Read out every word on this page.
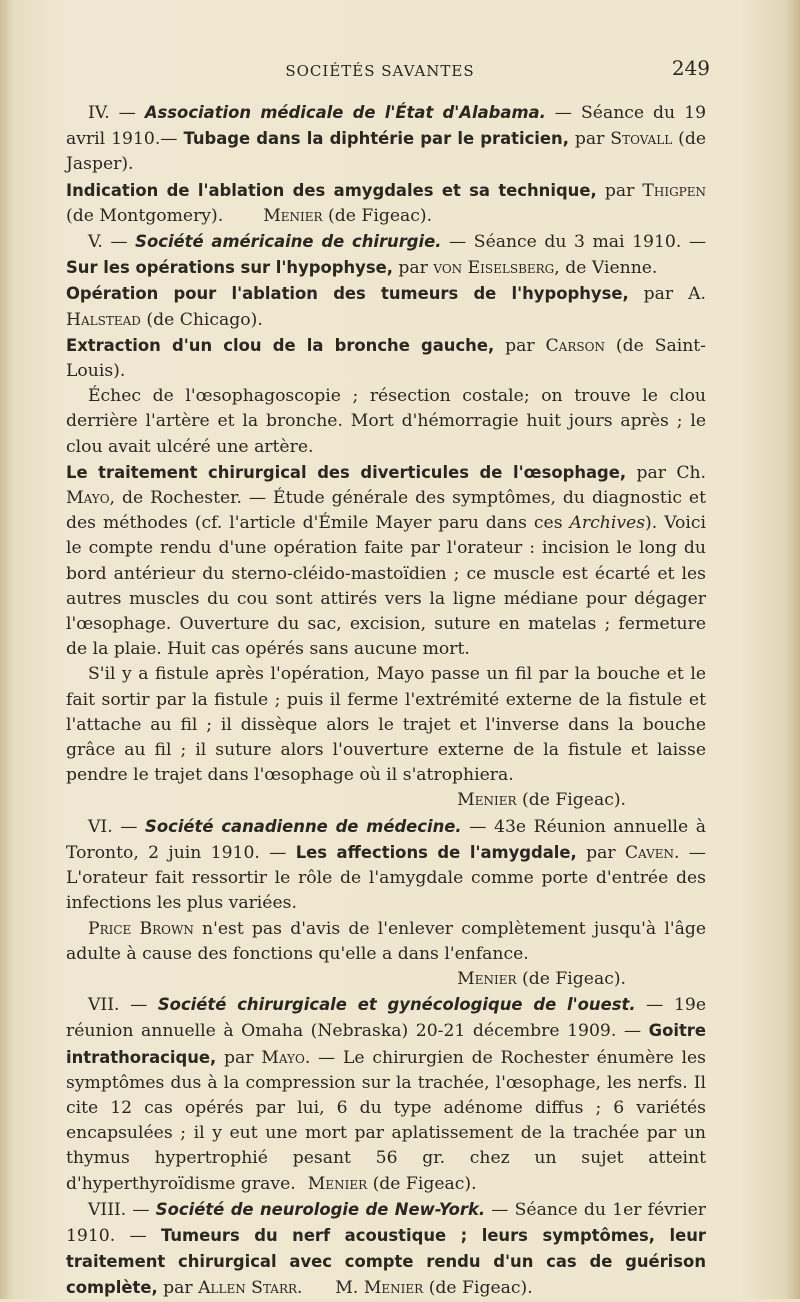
SOCIÉTÉS SAVANTES	249

IV. — Association médicale de l'État d'Alabama. — Séance du 19 avril 1910.— Tubage dans la diphtérie par le praticien, par Stovall (de Jasper).

Indication de l'ablation des amygdales et sa technique, par Thigpen (de Montgomery). Menier (de Figeac).

V. — Société américaine de chirurgie. — Séance du 3 mai 1910. — Sur les opérations sur l'hypophyse, par von Eiselsberg, de Vienne.

Opération pour l'ablation des tumeurs de l'hypophyse, par A. Halstead (de Chicago).

Extraction d'un clou de la bronche gauche, par Carson (de Saint-Louis).

Échec de l'œsophagoscopie ; résection costale; on trouve le clou derrière l'artère et la bronche. Mort d'hémorragie huit jours après ; le clou avait ulcéré une artère.

Le traitement chirurgical des diverticules de l'œsophage, par Ch. Mayo, de Rochester. — Étude générale des symptômes, du diagnostic et des méthodes (cf. l'article d'Émile Mayer paru dans ces Archives). Voici le compte rendu d'une opération faite par l'orateur : incision le long du bord antérieur du sterno-cléido-mastoïdien ; ce muscle est écarté et les autres muscles du cou sont attirés vers la ligne médiane pour dégager l'œsophage. Ouverture du sac, excision, suture en matelas ; fermeture de la plaie. Huit cas opérés sans aucune mort.

S'il y a fistule après l'opération, Mayo passe un fil par la bouche et le fait sortir par la fistule ; puis il ferme l'extrémité externe de la fistule et l'attache au fil ; il dissèque alors le trajet et l'inverse dans la bouche grâce au fil ; il suture alors l'ouverture externe de la fistule et laisse pendre le trajet dans l'œsophage où il s'atrophiera.

Menier (de Figeac).

VI. — Société canadienne de médecine. — 43e Réunion annuelle à Toronto, 2 juin 1910. — Les affections de l'amygdale, par Caven. — L'orateur fait ressortir le rôle de l'amygdale comme porte d'entrée des infections les plus variées.

Price Brown n'est pas d'avis de l'enlever complètement jusqu'à l'âge adulte à cause des fonctions qu'elle a dans l'enfance.

Menier (de Figeac).

VII. — Société chirurgicale et gynécologique de l'ouest. — 19e réunion annuelle à Omaha (Nebraska) 20-21 décembre 1909. — Goitre intrathoracique, par Mayo. — Le chirurgien de Rochester énumère les symptômes dus à la compression sur la trachée, l'œsophage, les nerfs. Il cite 12 cas opérés par lui, 6 du type adénome diffus ; 6 variétés encapsulées ; il y eut une mort par aplatissement de la trachée par un thymus hypertrophié pesant 56 gr. chez un sujet atteint d'hyperthyroïdisme grave. Menier (de Figeac).

VIII. — Société de neurologie de New-York. — Séance du 1er février 1910. — Tumeurs du nerf acoustique ; leurs symptômes, leur traitement chirurgical avec compte rendu d'un cas de guérison complète, par Allen Starr.      M. Menier (de Figeac).
